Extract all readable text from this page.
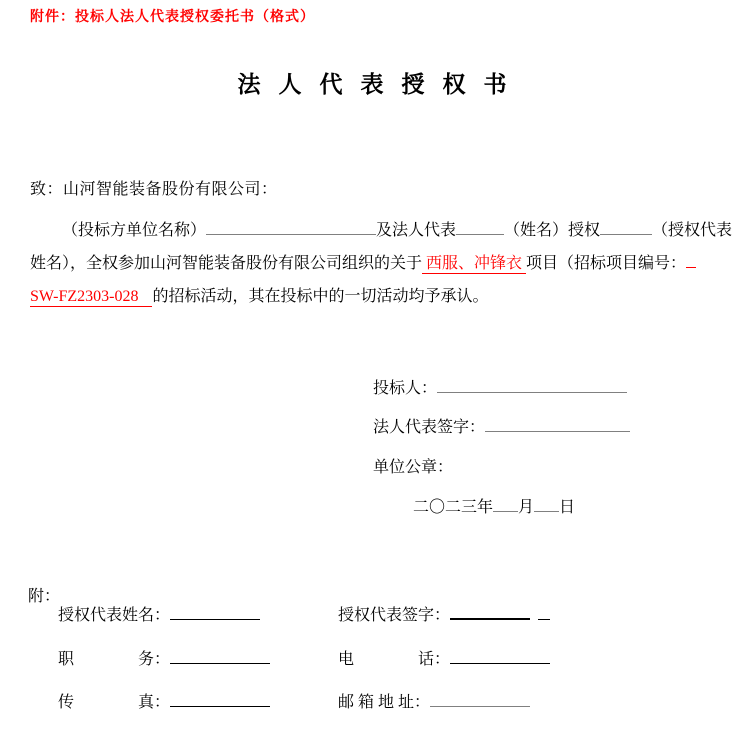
附件：投标人法人代表授权委托书（格式）
法人代表授权书
致：山河智能装备股份有限公司：
（投标方单位名称）	及法人代表	（姓名）授权	（授权代表
姓名），全权参加山河智能装备股份有限公司组织的关于 西服、冲锋衣 项目（招标项目编号：
SW-FZ2303-028 的招标活动，其在投标中的一切活动均予承认。
投标人：
法人代表签字：
单位公章：
二〇二三年 月 日
附：
授权代表姓名：	授权代表签字：
职　　　　务：	电　　　　话：
传　　　　真：	邮 箱 地 址：
